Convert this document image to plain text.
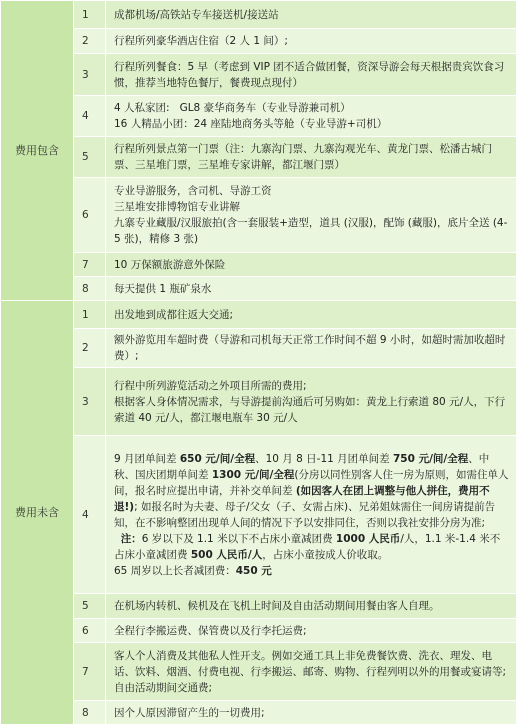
费用包含	1	成都机场/高铁站专车接送机/接送站

	2	行程所列豪华酒店住宿（2 人 1 间）;

	3	行程所列餐食：5 早（考虑到 VIP 团不适合做团餐，资深导游会每天根据贵宾饮食习惯，推荐当地特色餐厅，餐费现点现付）

	4	4 人私家团:   GL8 豪华商务车（专业导游兼司机）
16 人精品小团：24 座陆地商务头等舱（专业导游+司机）

	5	行程所列景点第一门票（注：九寨沟门票、九寨沟观光车、黄龙门票、松潘古城门票、三星堆门票，三星堆专家讲解，都江堰门票）

	6	专业导游服务，含司机、导游工资
三星堆安排博物馆专业讲解
九寨专业藏服/汉服旅拍(含一套服装+造型，道具 (汉服)，配饰 (藏服)，底片全送 (4-5 张)，精修 3 张)

	7	10 万保额旅游意外保险

	8	每天提供 1 瓶矿泉水

费用未含	1	出发地到成都往返大交通;

	2	额外游览用车超时费（导游和司机每天正常工作时间不超 9 小时，如超时需加收超时费）;

	3	行程中所列游览活动之外项目所需的费用;
根据客人身体情况需求，与导游提前沟通后可另购如：黄龙上行索道 80 元/人，下行索道 40 元/人，都江堰电瓶车 30 元/人

	4	9 月团单间差 650 元/间/全程、10 月 8 日-11 月团单间差 750 元/间/全程、中秋、国庆团期单间差 1300 元/间/全程(分房以同性别客人住一房为原则，如需住单人间，报名时应提出申请，并补交单间差 (如因客人在团上调整与他人拼住，费用不退!); 如报名时为夫妻、母子/父女（子、女需占床)、兄弟姐妹需住一间房请提前告知，在不影响整团出现单人间的情况下予以安排同住，否则以我社安排分房为准;
注：6 岁以下及 1.1 米以下不占床小童减团费 1000 人民币/人，1.1 米-1.4 米不占床小童减团费 500 人民币/人，占床小童按成人价收取。
65 周岁以上长者减团费：450 元

	5	在机场内转机、候机及在飞机上时间及自由活动期间用餐由客人自理。

	6	全程行李搬运费、保管费以及行李托运费;

	7	客人个人消费及其他私人性开支。例如交通工具上非免费餐饮费、洗衣、理发、电话、饮料、烟酒、付费电视、行李搬运、邮寄、购物、行程列明以外的用餐或宴请等; 自由活动期间交通费;

	8	因个人原因滞留产生的一切费用;
